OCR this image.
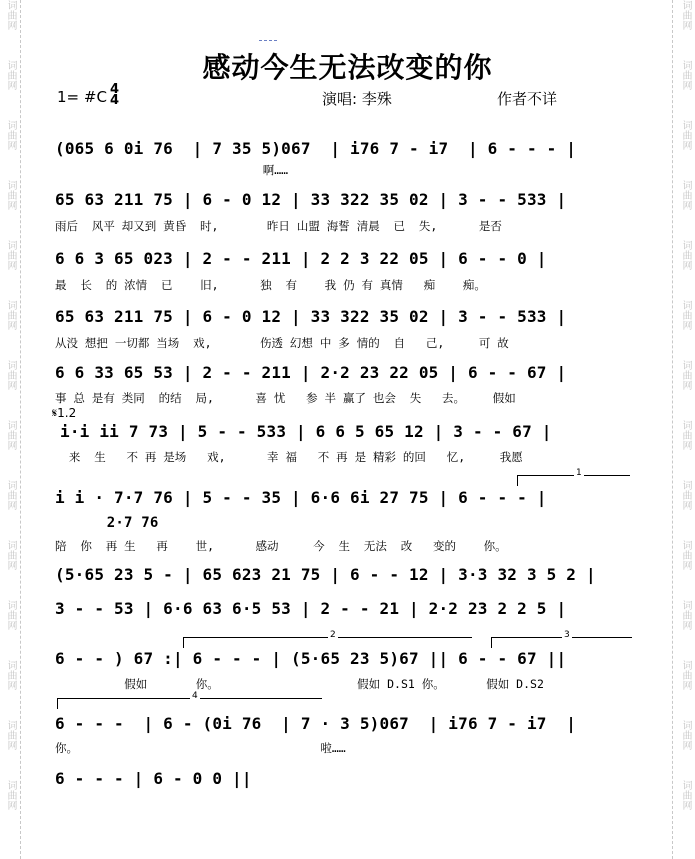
词曲网
词曲网
词曲网
词曲网
词曲网
词曲网
词曲网
词曲网
词曲网
词曲网
词曲网
词曲网
词曲网
词曲网
词曲网
词曲网
词曲网
词曲网
词曲网
词曲网
词曲网
词曲网
词曲网
词曲网
词曲网
词曲网
词曲网
词曲网
感动今生无法改变的你
1= #C 4
4	演唱: 李殊	作者不详
𝄋1.2
1
2	3
4
(065 6 0i 76  | 7 35 5)067  | i76 7 - i7  | 6 - - - |
啊……
65 63 211 75 | 6 - 0 12 | 33 322 35 02 | 3 - - 533 |
雨后  风平 却又到 黄昏  时,       昨日 山盟 海誓 清晨  已  失,      是否
6 6 3 65 023 | 2 - - 211 | 2 2 3 22 05 | 6 - - 0 |
最  长  的 浓情  已    旧,      独  有    我 仍 有 真情   痴    痴。
65 63 211 75 | 6 - 0 12 | 33 322 35 02 | 3 - - 533 |
从没 想把 一切都 当场  戏,       伤透 幻想 中 多 情的  自   己,     可 故
6 6 33 65 53 | 2 - - 211 | 2·2 23 22 05 | 6 - - 67 |
事 总 是有 类同  的结  局,      喜 忧   参 半 赢了 也会  失   去。    假如
i·i ii 7 73 | 5 - - 533 | 6 6 5 65 12 | 3 - - 67 |
来  生   不 再 是场   戏,      幸 福   不 再 是 精彩 的回   忆,     我愿
i i · 7·7 76 | 5 - - 35 | 6·6 6i 27 75 | 6 - - - |
2·7 76
陪  你  再 生   再    世,      感动     今  生  无法  改   变的    你。
(5·65 23 5 - | 65 623 21 75 | 6 - - 12 | 3·3 32 3 5 2 |
3 - - 53 | 6·6 63 6·5 53 | 2 - - 21 | 2·2 23 2 2 5 |
6 - - ) 67 :| 6 - - - | (5·65 23 5)67 || 6 - - 67 ||
假如       你。                    假如 D.S1 你。      假如 D.S2
6 - - -  | 6 - (0i 76  | 7 · 3 5)067  | i76 7 - i7  |
你。                                   啦……
6 - - - | 6 - 0 0 ||
